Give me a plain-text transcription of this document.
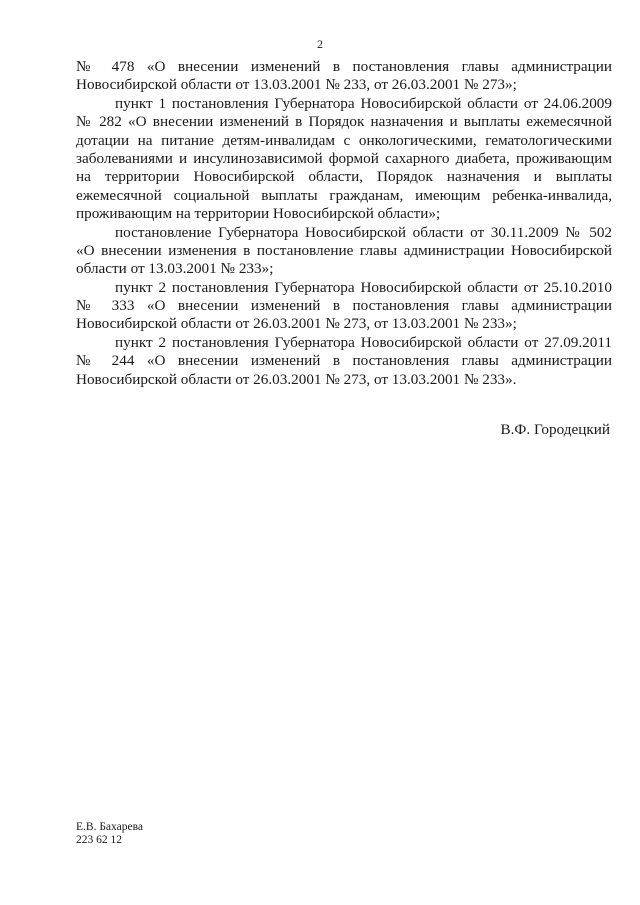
2
№ 478 «О внесении изменений в постановления главы администрации
Новосибирской области от 13.03.2001 № 233, от 26.03.2001 № 273»;
пункт 1 постановления Губернатора Новосибирской области от 24.06.2009
№ 282 «О внесении изменений в Порядок назначения и выплаты ежемесячной
дотации на питание детям-инвалидам с онкологическими, гематологическими
заболеваниями и инсулинозависимой формой сахарного диабета, проживающим
на территории Новосибирской области, Порядок назначения и выплаты
ежемесячной социальной выплаты гражданам, имеющим ребенка-инвалида,
проживающим на территории Новосибирской области»;
постановление Губернатора Новосибирской области от 30.11.2009 № 502
«О внесении изменения в постановление главы администрации Новосибирской
области от 13.03.2001 № 233»;
пункт 2 постановления Губернатора Новосибирской области от 25.10.2010
№ 333 «О внесении изменений в постановления главы администрации
Новосибирской области от 26.03.2001 № 273, от 13.03.2001 № 233»;
пункт 2 постановления Губернатора Новосибирской области от 27.09.2011
№ 244 «О внесении изменений в постановления главы администрации
Новосибирской области от 26.03.2001 № 273, от 13.03.2001 № 233».
В.Ф. Городецкий
Е.В. Бахарева
223 62 12
